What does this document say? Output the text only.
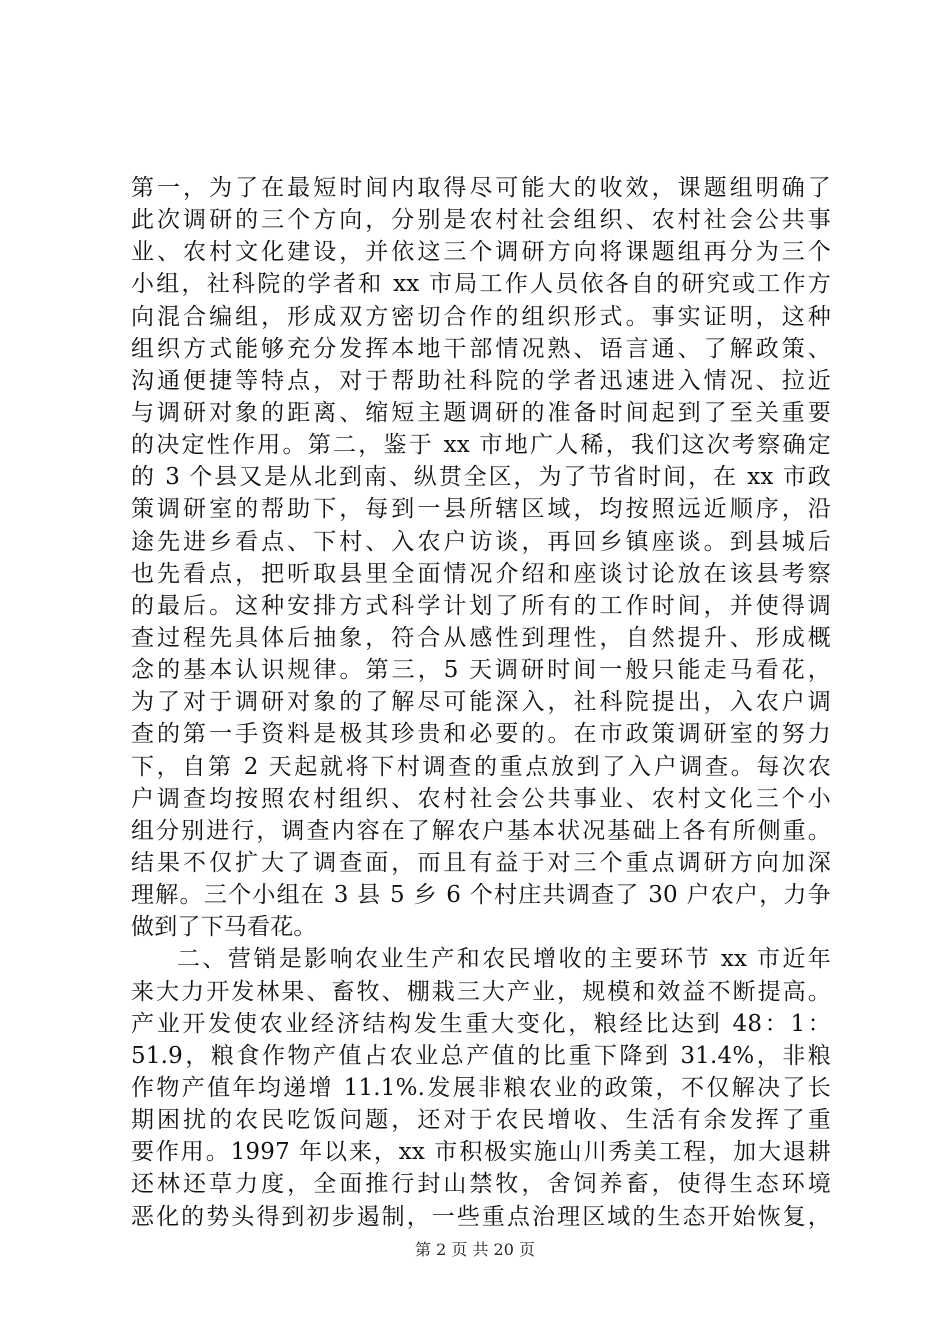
第一，为了在最短时间内取得尽可能大的收效，课题组明确了
此次调研的三个方向，分别是农村社会组织、农村社会公共事
业、农村文化建设，并依这三个调研方向将课题组再分为三个
小组，社科院的学者和 xx 市局工作人员依各自的研究或工作方
向混合编组，形成双方密切合作的组织形式。事实证明，这种
组织方式能够充分发挥本地干部情况熟、语言通、了解政策、
沟通便捷等特点，对于帮助社科院的学者迅速进入情况、拉近
与调研对象的距离、缩短主题调研的准备时间起到了至关重要
的决定性作用。第二，鉴于 xx 市地广人稀，我们这次考察确定
的 3 个县又是从北到南、纵贯全区，为了节省时间，在 xx 市政
策调研室的帮助下，每到一县所辖区域，均按照远近顺序，沿
途先进乡看点、下村、入农户访谈，再回乡镇座谈。到县城后
也先看点，把听取县里全面情况介绍和座谈讨论放在该县考察
的最后。这种安排方式科学计划了所有的工作时间，并使得调
查过程先具体后抽象，符合从感性到理性，自然提升、形成概
念的基本认识规律。第三，5 天调研时间一般只能走马看花，
为了对于调研对象的了解尽可能深入，社科院提出，入农户调
查的第一手资料是极其珍贵和必要的。在市政策调研室的努力
下，自第 2 天起就将下村调查的重点放到了入户调查。每次农
户调查均按照农村组织、农村社会公共事业、农村文化三个小
组分别进行，调查内容在了解农户基本状况基础上各有所侧重。
结果不仅扩大了调查面，而且有益于对三个重点调研方向加深
理解。三个小组在 3 县 5 乡 6 个村庄共调查了 30 户农户，力争
做到了下马看花。
二、营销是影响农业生产和农民增收的主要环节 xx 市近年
来大力开发林果、畜牧、棚栽三大产业，规模和效益不断提高。
产业开发使农业经济结构发生重大变化，粮经比达到 48：1：
51.9，粮食作物产值占农业总产值的比重下降到 31.4%，非粮
作物产值年均递增 11.1%.发展非粮农业的政策，不仅解决了长
期困扰的农民吃饭问题，还对于农民增收、生活有余发挥了重
要作用。1997 年以来，xx 市积极实施山川秀美工程，加大退耕
还林还草力度，全面推行封山禁牧，舍饲养畜，使得生态环境
恶化的势头得到初步遏制，一些重点治理区域的生态开始恢复，
第 2 页 共 20 页
